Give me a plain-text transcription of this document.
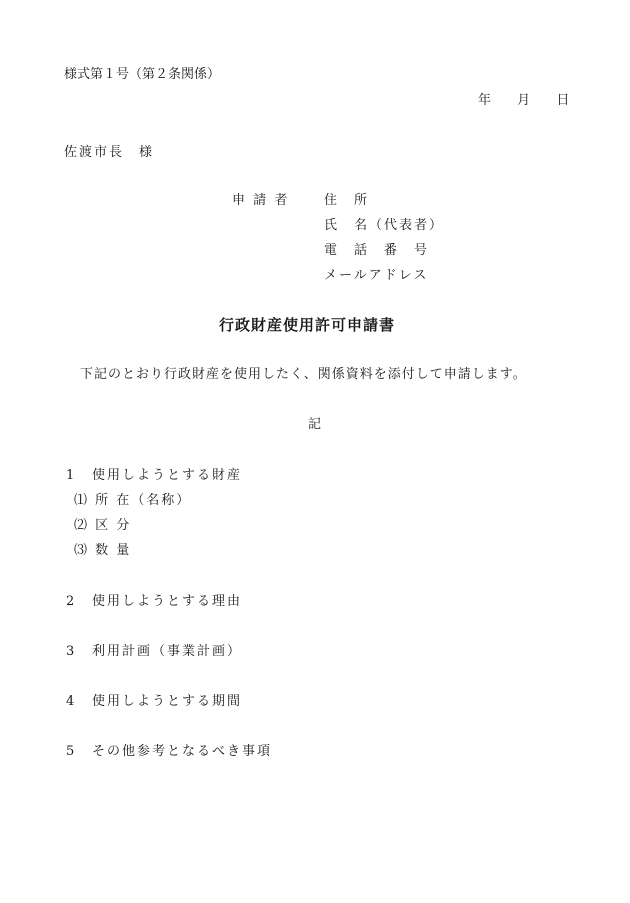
様式第１号（第２条関係）
年 月 日
佐渡市長　様
申 請 者	住　所
氏　名（代表者）
電　話　番　号
メールアドレス
行政財産使用許可申請書
下記のとおり行政財産を使用したく、関係資料を添付して申請します。
記
1 使用しようとする財産
⑴ 所 在（名称）
⑵ 区 分
⑶ 数 量
2 使用しようとする理由
3 利用計画（事業計画）
4 使用しようとする期間
5 その他参考となるべき事項
